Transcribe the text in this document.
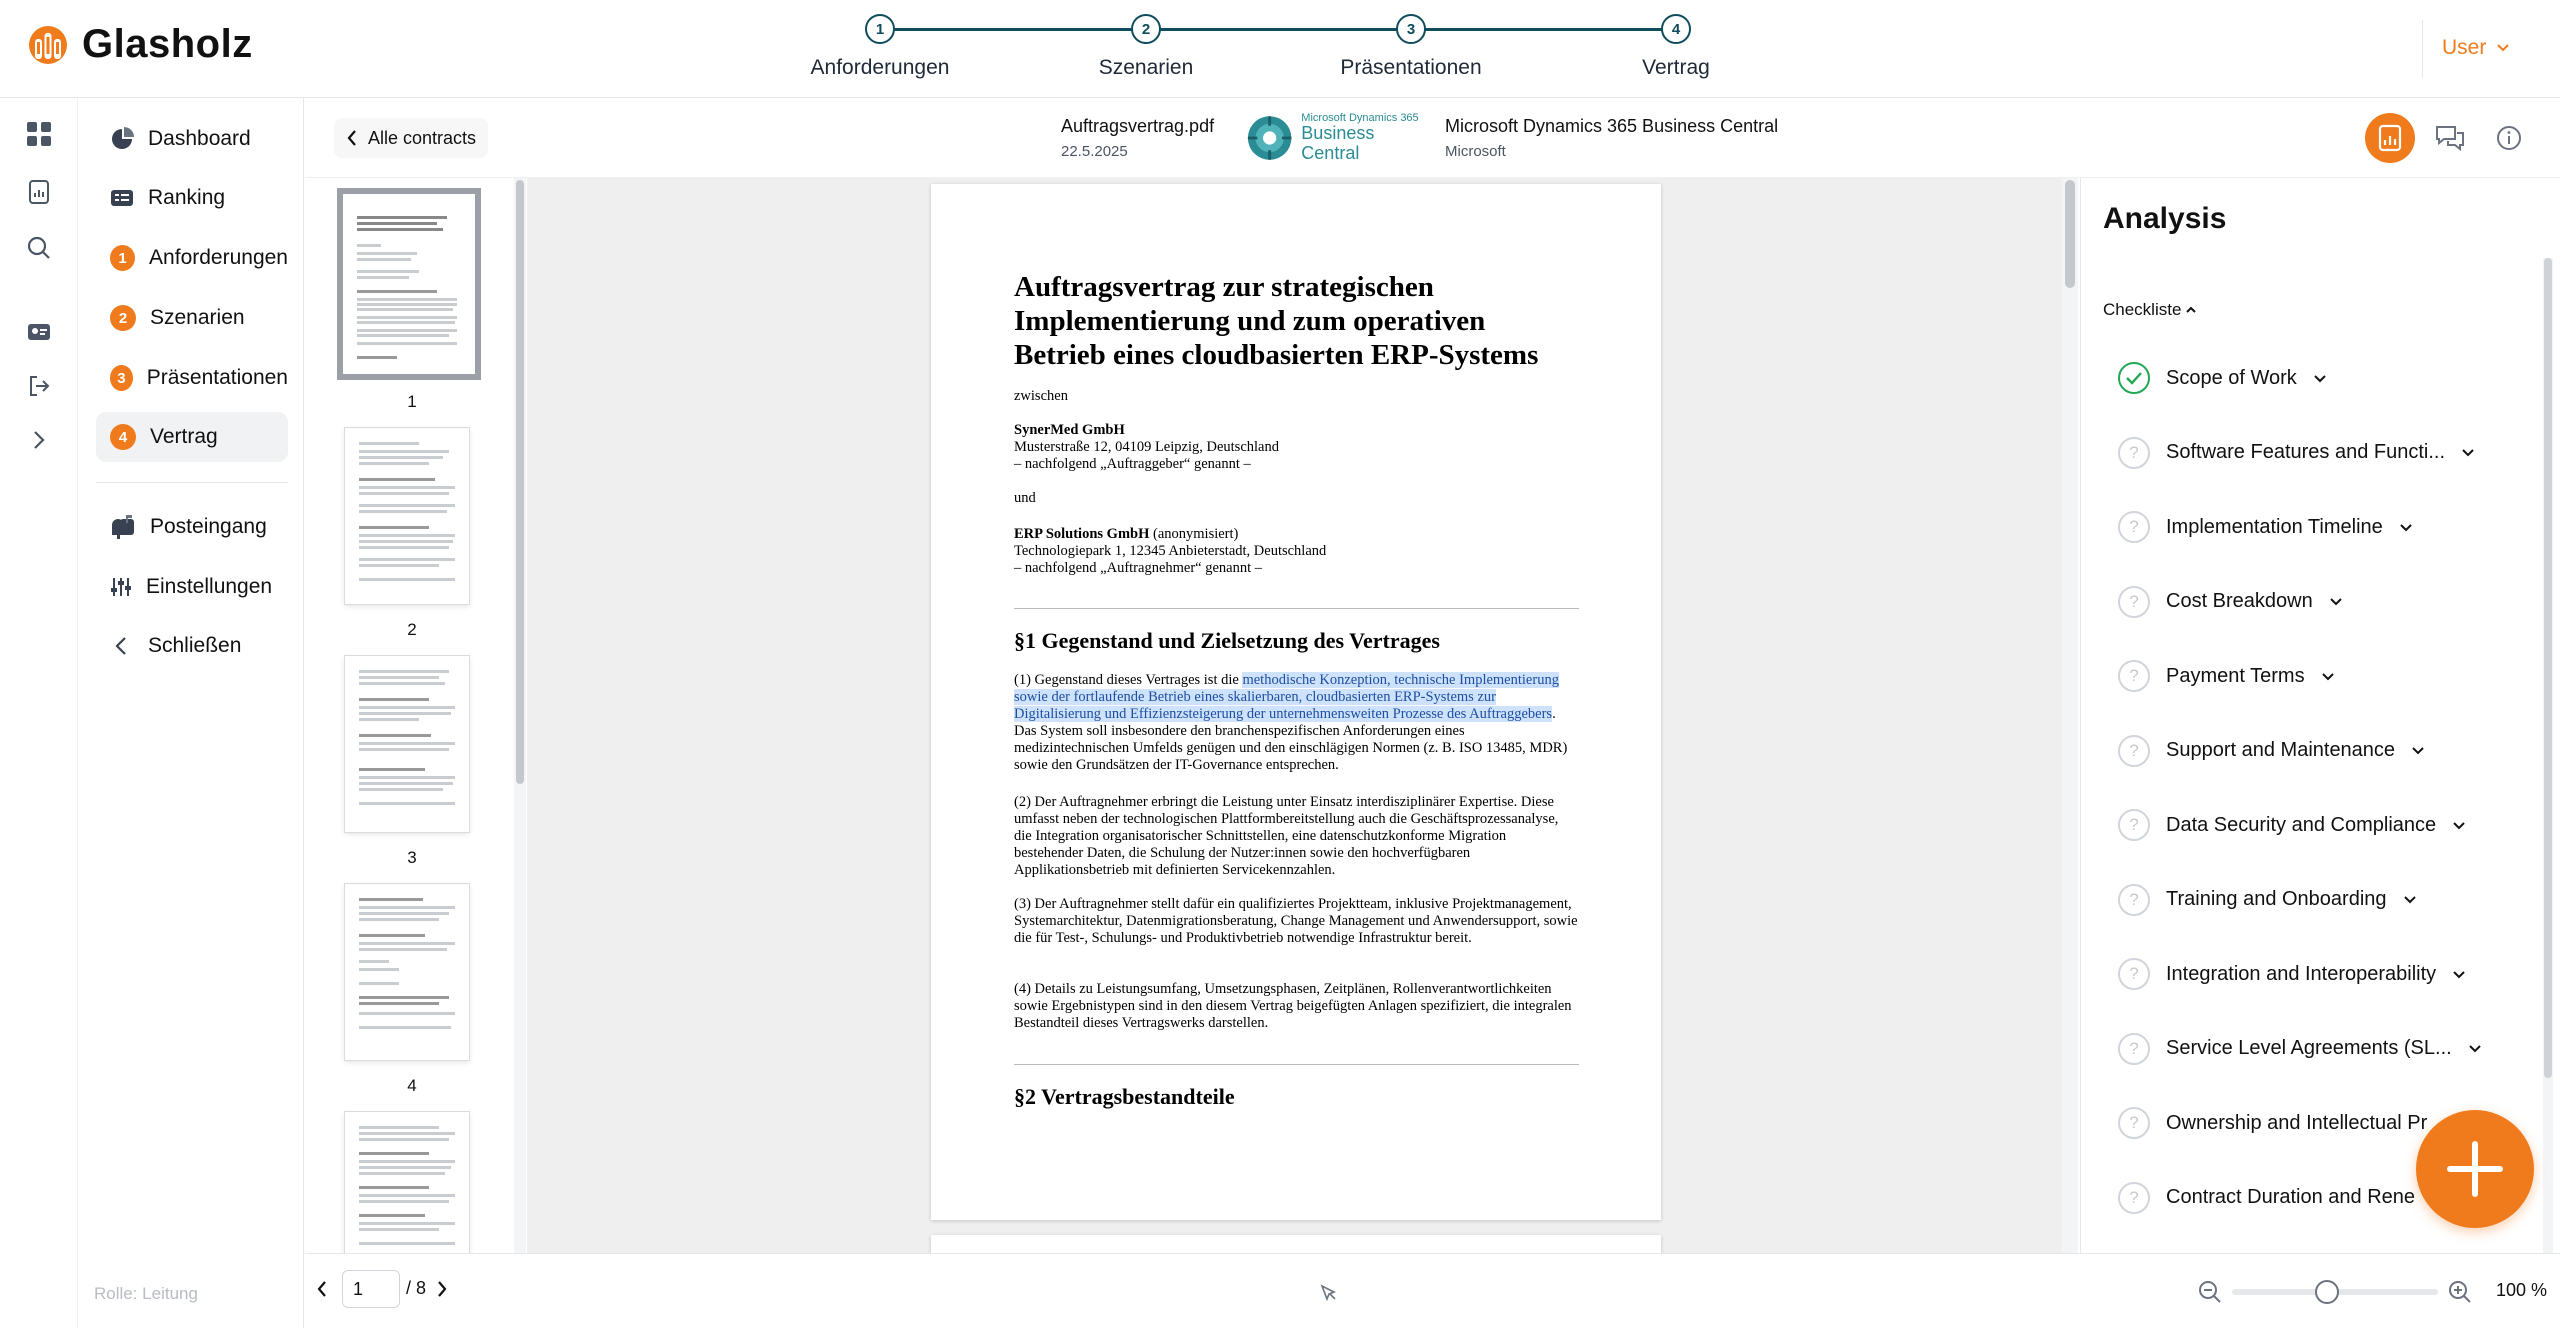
Glasholz	1	2	3	4
Anforderungen	Szenarien	Präsentationen	Vertrag
User
Dashboard
Ranking
1	Anforderungen
2	Szenarien
3	Präsentationen
4	Vertrag
Posteingang
Einstellungen
Schließen
Rolle: Leitung
Alle contracts
Auftragsvertrag.pdf
22.5.2025
Microsoft Dynamics 365
Business Central
Microsoft Dynamics 365 Business Central
Microsoft
1
2
3
4
Auftragsvertrag zur strategischen Implementierung und zum operativen Betrieb eines cloudbasierten ERP-Systems
zwischen
SynerMed GmbH
Musterstraße 12, 04109 Leipzig, Deutschland
– nachfolgend „Auftraggeber“ genannt –
und
ERP Solutions GmbH (anonymisiert)
Technologiepark 1, 12345 Anbieterstadt, Deutschland
– nachfolgend „Auftragnehmer“ genannt –
§1 Gegenstand und Zielsetzung des Vertrages
(1) Gegenstand dieses Vertrages ist die methodische Konzeption, technische Implementierung sowie der fortlaufende Betrieb eines skalierbaren, cloudbasierten ERP-Systems zur Digitalisierung und Effizienzsteigerung der unternehmensweiten Prozesse des Auftraggebers. Das System soll insbesondere den branchenspezifischen Anforderungen eines medizintechnischen Umfelds genügen und den einschlägigen Normen (z. B. ISO 13485, MDR) sowie den Grundsätzen der IT-Governance entsprechen.
(2) Der Auftragnehmer erbringt die Leistung unter Einsatz interdisziplinärer Expertise. Diese umfasst neben der technologischen Plattformbereitstellung auch die Geschäftsprozessanalyse, die Integration organisatorischer Schnittstellen, eine datenschutzkonforme Migration bestehender Daten, die Schulung der Nutzer:innen sowie den hochverfügbaren Applikationsbetrieb mit definierten Servicekennzahlen.
(3) Der Auftragnehmer stellt dafür ein qualifiziertes Projektteam, inklusive Projektmanagement, Systemarchitektur, Datenmigrationsberatung, Change Management und Anwendersupport, sowie die für Test-, Schulungs- und Produktivbetrieb notwendige Infrastruktur bereit.
(4) Details zu Leistungsumfang, Umsetzungsphasen, Zeitplänen, Rollenverantwortlichkeiten sowie Ergebnistypen sind in den diesem Vertrag beigefügten Anlagen spezifiziert, die integralen Bestandteil dieses Vertragswerks darstellen.
§2 Vertragsbestandteile
Analysis
Checkliste
Scope of Work
?	Software Features and Functi...
?	Implementation Timeline
?	Cost Breakdown
?	Payment Terms
?	Support and Maintenance
?	Data Security and Compliance
?	Training and Onboarding
?	Integration and Interoperability
?	Service Level Agreements (SL...
?	Ownership and Intellectual Pr
?	Contract Duration and Rene
1
/ 8	100 %
